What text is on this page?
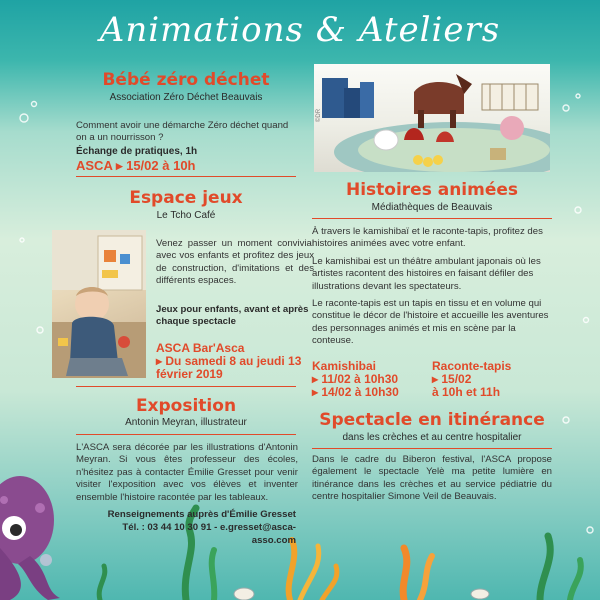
Animations & Ateliers
Bébé zéro déchet
Association Zéro Déchet Beauvais
Comment avoir une démarche Zéro déchet quand on a un nourrisson ?
Échange de pratiques, 1h
ASCA ▸ 15/02 à 10h
Espace jeux
Le Tcho Café
Venez passer un moment convivial avec vos enfants et profitez des jeux de construction, d'imitations et des différents espaces.
Jeux pour enfants, avant et après chaque spectacle
ASCA Bar'Asca
▸ Du samedi 8 au jeudi 13 février 2019
Exposition
Antonin Meyran, illustrateur
L'ASCA sera décorée par les illustrations d'Antonin Meyran. Si vous êtes professeur des écoles, n'hésitez pas à contacter Émilie Gresset pour venir visiter l'exposition avec vos élèves et inventer ensemble l'histoire racontée par les tableaux.
Renseignements auprès d'Émilie Gresset
Tél. : 03 44 10 30 91 - e.gresset@asca-asso.com
©DR
Histoires animées
Médiathèques de Beauvais
À travers le kamishibaï et le raconte-tapis, profitez des histoires animées avec votre enfant.
Le kamishibai est un théâtre ambulant japonais où les artistes racontent des histoires en faisant défiler des illustrations devant les spectateurs.
Le raconte-tapis est un tapis en tissu et en volume qui constitue le décor de l'histoire et accueille les aventures des personnages animés et mis en scène par la conteuse.
Kamishibai
▸ 11/02 à 10h30
▸ 14/02 à 10h30
Raconte-tapis
▸ 15/02
à 10h et 11h
Spectacle en itinérance
dans les crèches et au centre hospitalier
Dans le cadre du Biberon festival, l'ASCA propose également le spectacle Yelè ma petite lumière en itinérance dans les crèches et au service pédiatrie du centre hospitalier Simone Veil de Beauvais.
